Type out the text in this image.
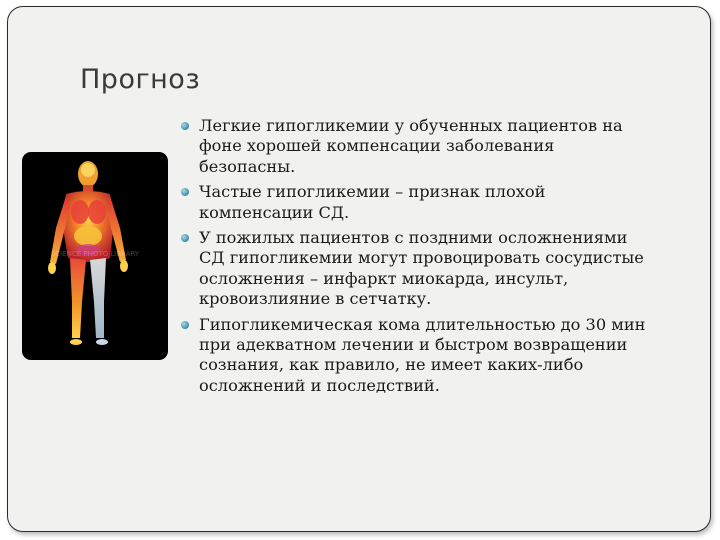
Прогноз
SCIENCE PHOTO LIBRARY
Легкие гипогликемии у обученных пациентов на фоне хорошей компенсации заболевания безопасны.
Частые гипогликемии – признак плохой компенсации СД.
У пожилых пациентов с поздними осложнениями СД гипогликемии могут провоцировать сосудистые осложнения – инфаркт миокарда, инсульт, кровоизлияние в сетчатку.
Гипогликемическая кома длительностью до 30 мин при адекватном лечении и быстром возвращении сознания, как правило, не имеет каких-либо осложнений и последствий.
